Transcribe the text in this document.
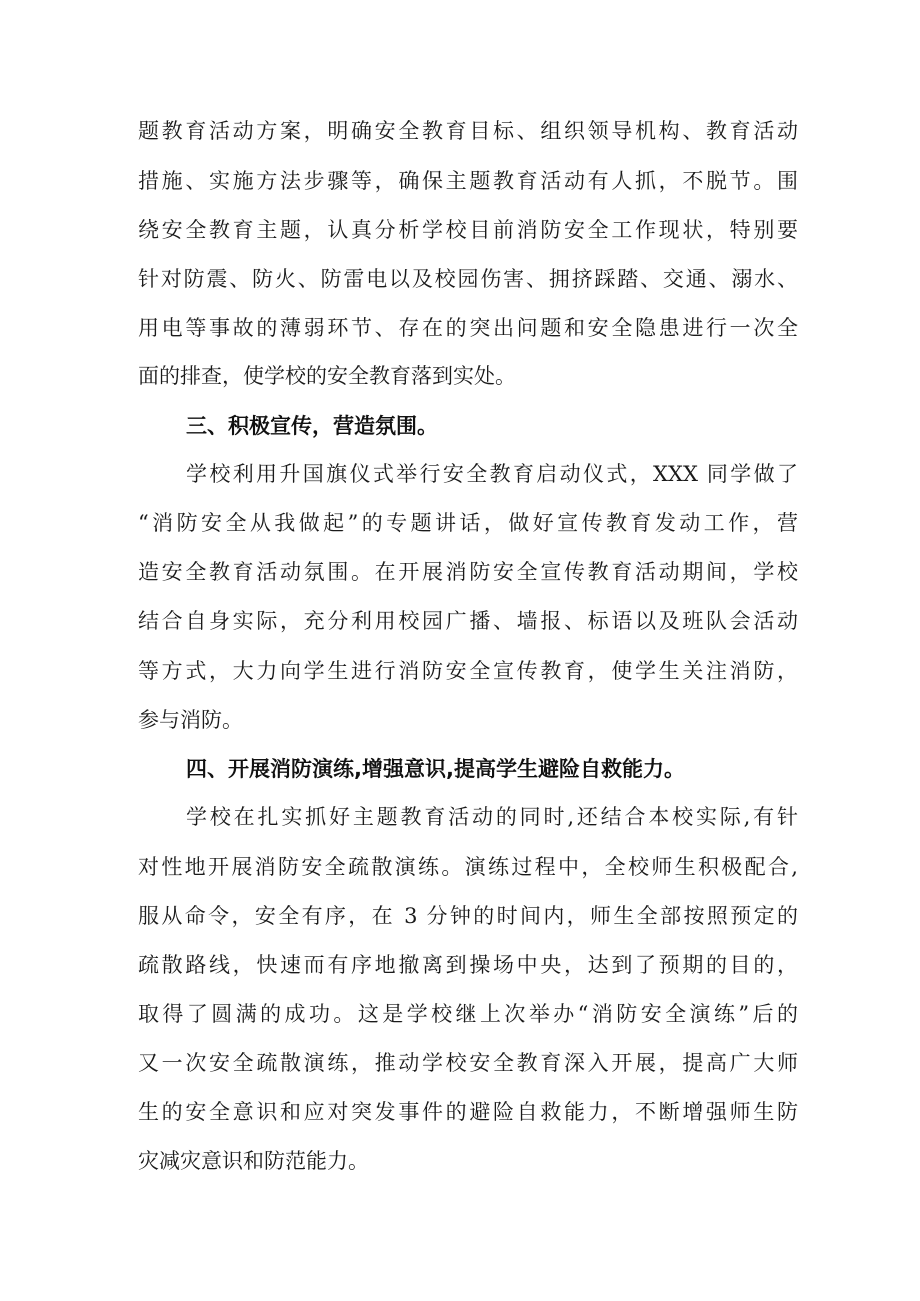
题教育活动方案，明确安全教育目标、组织领导机构、教育活动
措施、实施方法步骤等，确保主题教育活动有人抓，不脱节。围
绕安全教育主题，认真分析学校目前消防安全工作现状，特别要
针对防震、防火、防雷电以及校园伤害、拥挤踩踏、交通、溺水、
用电等事故的薄弱环节、存在的突出问题和安全隐患进行一次全
面的排查，使学校的安全教育落到实处。
三、积极宣传，营造氛围。
学校利用升国旗仪式举行安全教育启动仪式，XXX 同学做了
“消防安全从我做起”的专题讲话，做好宣传教育发动工作，营
造安全教育活动氛围。在开展消防安全宣传教育活动期间，学校
结合自身实际，充分利用校园广播、墙报、标语以及班队会活动
等方式，大力向学生进行消防安全宣传教育，使学生关注消防，
参与消防。
四、开展消防演练,增强意识,提高学生避险自救能力。
学校在扎实抓好主题教育活动的同时,还结合本校实际,有针
对性地开展消防安全疏散演练。演练过程中，全校师生积极配合,
服从命令，安全有序，在 3 分钟的时间内，师生全部按照预定的
疏散路线，快速而有序地撤离到操场中央，达到了预期的目的，
取得了圆满的成功。这是学校继上次举办“消防安全演练”后的
又一次安全疏散演练，推动学校安全教育深入开展，提高广大师
生的安全意识和应对突发事件的避险自救能力，不断增强师生防
灾减灾意识和防范能力。
